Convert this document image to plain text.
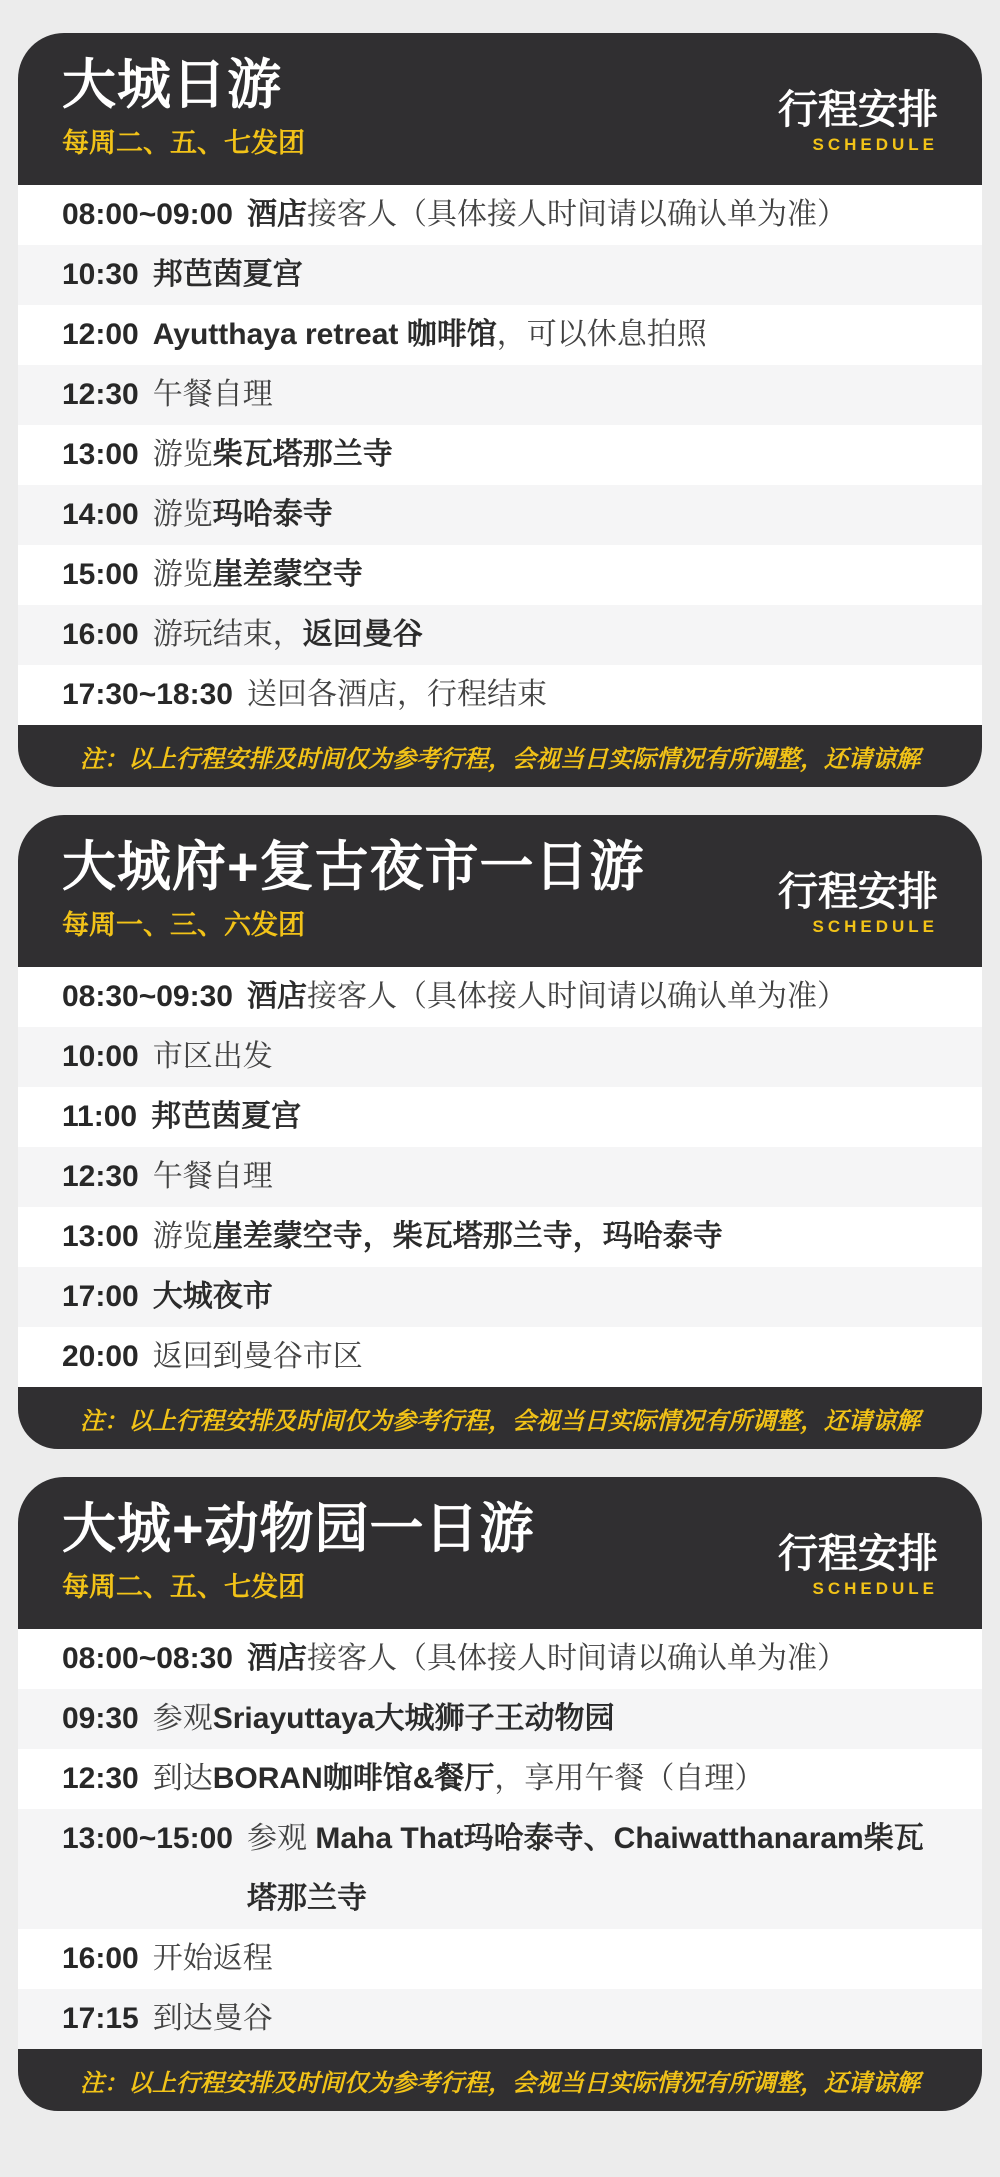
大城日游
每周二、五、七发团
行程安排
SCHEDULE
08:00~09:00 酒店接客人（具体接人时间请以确认单为准）
10:30 邦芭茵夏宫
12:00 Ayutthaya retreat 咖啡馆，可以休息拍照
12:30 午餐自理
13:00 游览柴瓦塔那兰寺
14:00 游览玛哈泰寺
15:00 游览崖差蒙空寺
16:00 游玩结束，返回曼谷
17:30~18:30 送回各酒店，行程结束
注：以上行程安排及时间仅为参考行程，会视当日实际情况有所调整，还请谅解
大城府+复古夜市一日游
每周一、三、六发团
行程安排
SCHEDULE
08:30~09:30 酒店接客人（具体接人时间请以确认单为准）
10:00 市区出发
11:00 邦芭茵夏宫
12:30 午餐自理
13:00 游览崖差蒙空寺，柴瓦塔那兰寺，玛哈泰寺
17:00 大城夜市
20:00 返回到曼谷市区
注：以上行程安排及时间仅为参考行程，会视当日实际情况有所调整，还请谅解
大城+动物园一日游
每周二、五、七发团
行程安排
SCHEDULE
08:00~08:30 酒店接客人（具体接人时间请以确认单为准）
09:30 参观Sriayuttaya大城狮子王动物园
12:30 到达BORAN咖啡馆&餐厅，享用午餐（自理）
13:00~15:00 参观 Maha That玛哈泰寺、Chaiwatthanaram柴瓦塔那兰寺
16:00 开始返程
17:15 到达曼谷
注：以上行程安排及时间仅为参考行程，会视当日实际情况有所调整，还请谅解
